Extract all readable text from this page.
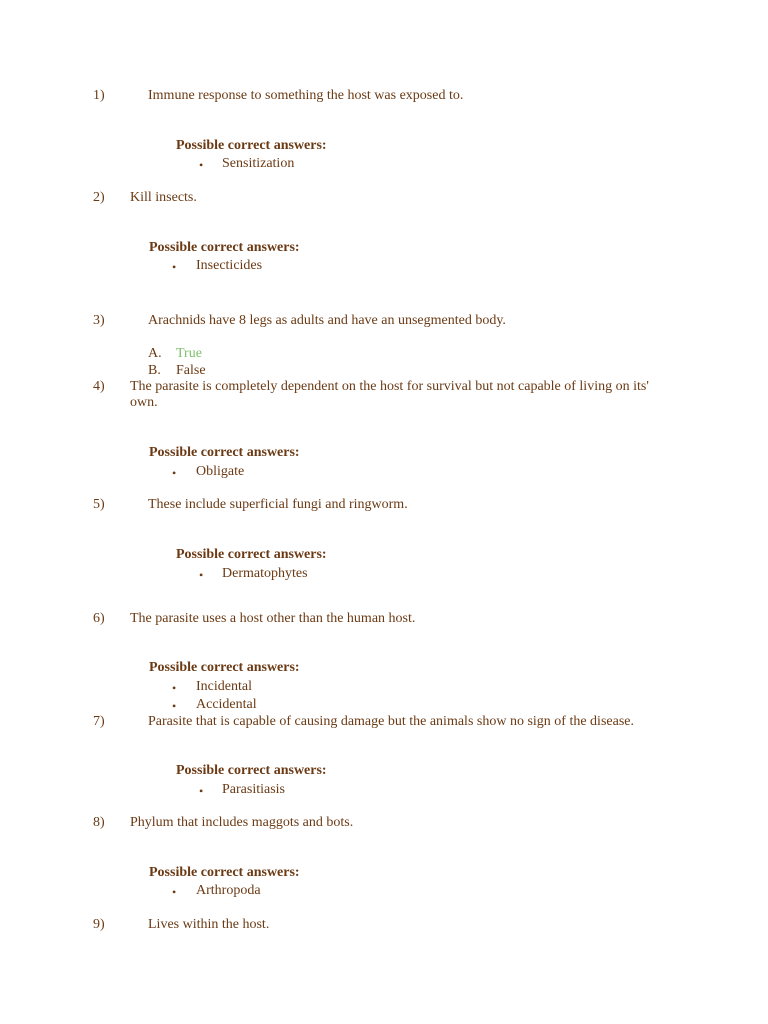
1)	Immune response to something the host was exposed to.
Possible correct answers:
• Sensitization
2) Kill insects.
Possible correct answers:
• Insecticides
3)	Arachnids have 8 legs as adults and have an unsegmented body.
A. True
B. False
4) The parasite is completely dependent on the host for survival but not capable of living on its' own.
Possible correct answers:
• Obligate
5)	These include superficial fungi and ringworm.
Possible correct answers:
• Dermatophytes
6) The parasite uses a host other than the human host.
Possible correct answers:
• Incidental
• Accidental
7)	Parasite that is capable of causing damage but the animals show no sign of the disease.
Possible correct answers:
• Parasitiasis
8) Phylum that includes maggots and bots.
Possible correct answers:
• Arthropoda
9)	Lives within the host.
